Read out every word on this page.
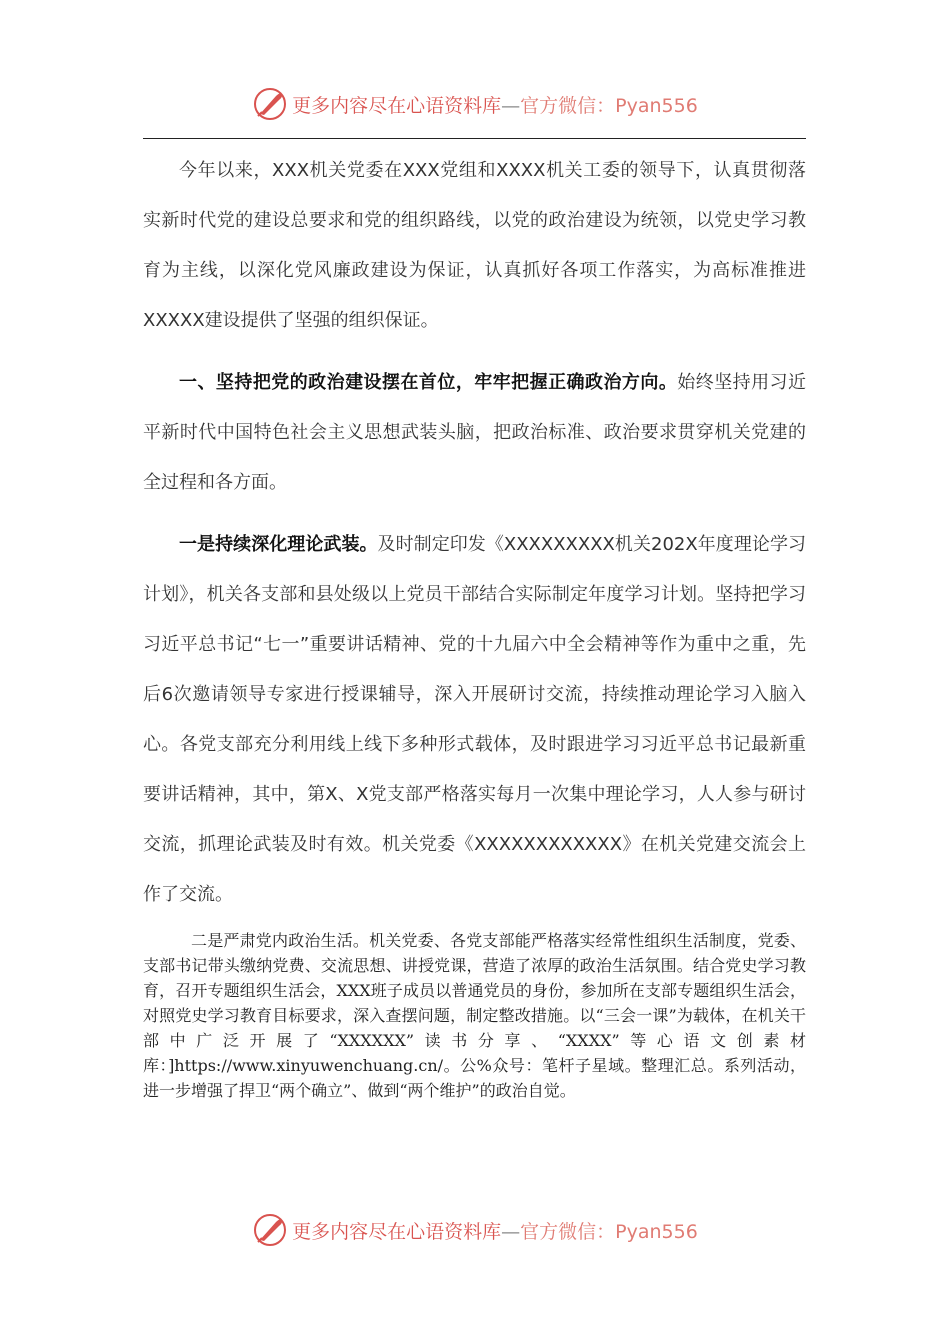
更多内容尽在心语资料库—官方微信：Pyan556

今年以来，XXX机关党委在XXX党组和XXXX机关工委的领导下，认真贯彻落实新时代党的建设总要求和党的组织路线，以党的政治建设为统领，以党史学习教育为主线，以深化党风廉政建设为保证，认真抓好各项工作落实，为高标准推进XXXXX建设提供了坚强的组织保证。

一、坚持把党的政治建设摆在首位，牢牢把握正确政治方向。始终坚持用习近平新时代中国特色社会主义思想武装头脑，把政治标准、政治要求贯穿机关党建的全过程和各方面。

一是持续深化理论武装。及时制定印发《XXXXXXXXX机关202X年度理论学习计划》，机关各支部和县处级以上党员干部结合实际制定年度学习计划。坚持把学习习近平总书记“七一”重要讲话精神、党的十九届六中全会精神等作为重中之重，先后6次邀请领导专家进行授课辅导，深入开展研讨交流，持续推动理论学习入脑入心。各党支部充分利用线上线下多种形式载体，及时跟进学习习近平总书记最新重要讲话精神，其中，第X、X党支部严格落实每月一次集中理论学习，人人参与研讨交流，抓理论武装及时有效。机关党委《XXXXXXXXXXXX》在机关党建交流会上作了交流。

二是严肃党内政治生活。机关党委、各党支部能严格落实经常性组织生活制度，党委、支部书记带头缴纳党费、交流思想、讲授党课，营造了浓厚的政治生活氛围。结合党史学习教育，召开专题组织生活会，XXX班子成员以普通党员的身份，参加所在支部专题组织生活会，对照党史学习教育目标要求，深入查摆问题，制定整改措施。以“三会一课”为载体，在机关干部中广泛开展了“XXXXXX”读书分享、“XXXX”等心语文创素材库：]https://www.xinyuwenchuang.cn/。公%众号：笔杆子星域。整理汇总。系列活动，进一步增强了捍卫“两个确立”、做到“两个维护”的政治自觉。

更多内容尽在心语资料库—官方微信：Pyan556
